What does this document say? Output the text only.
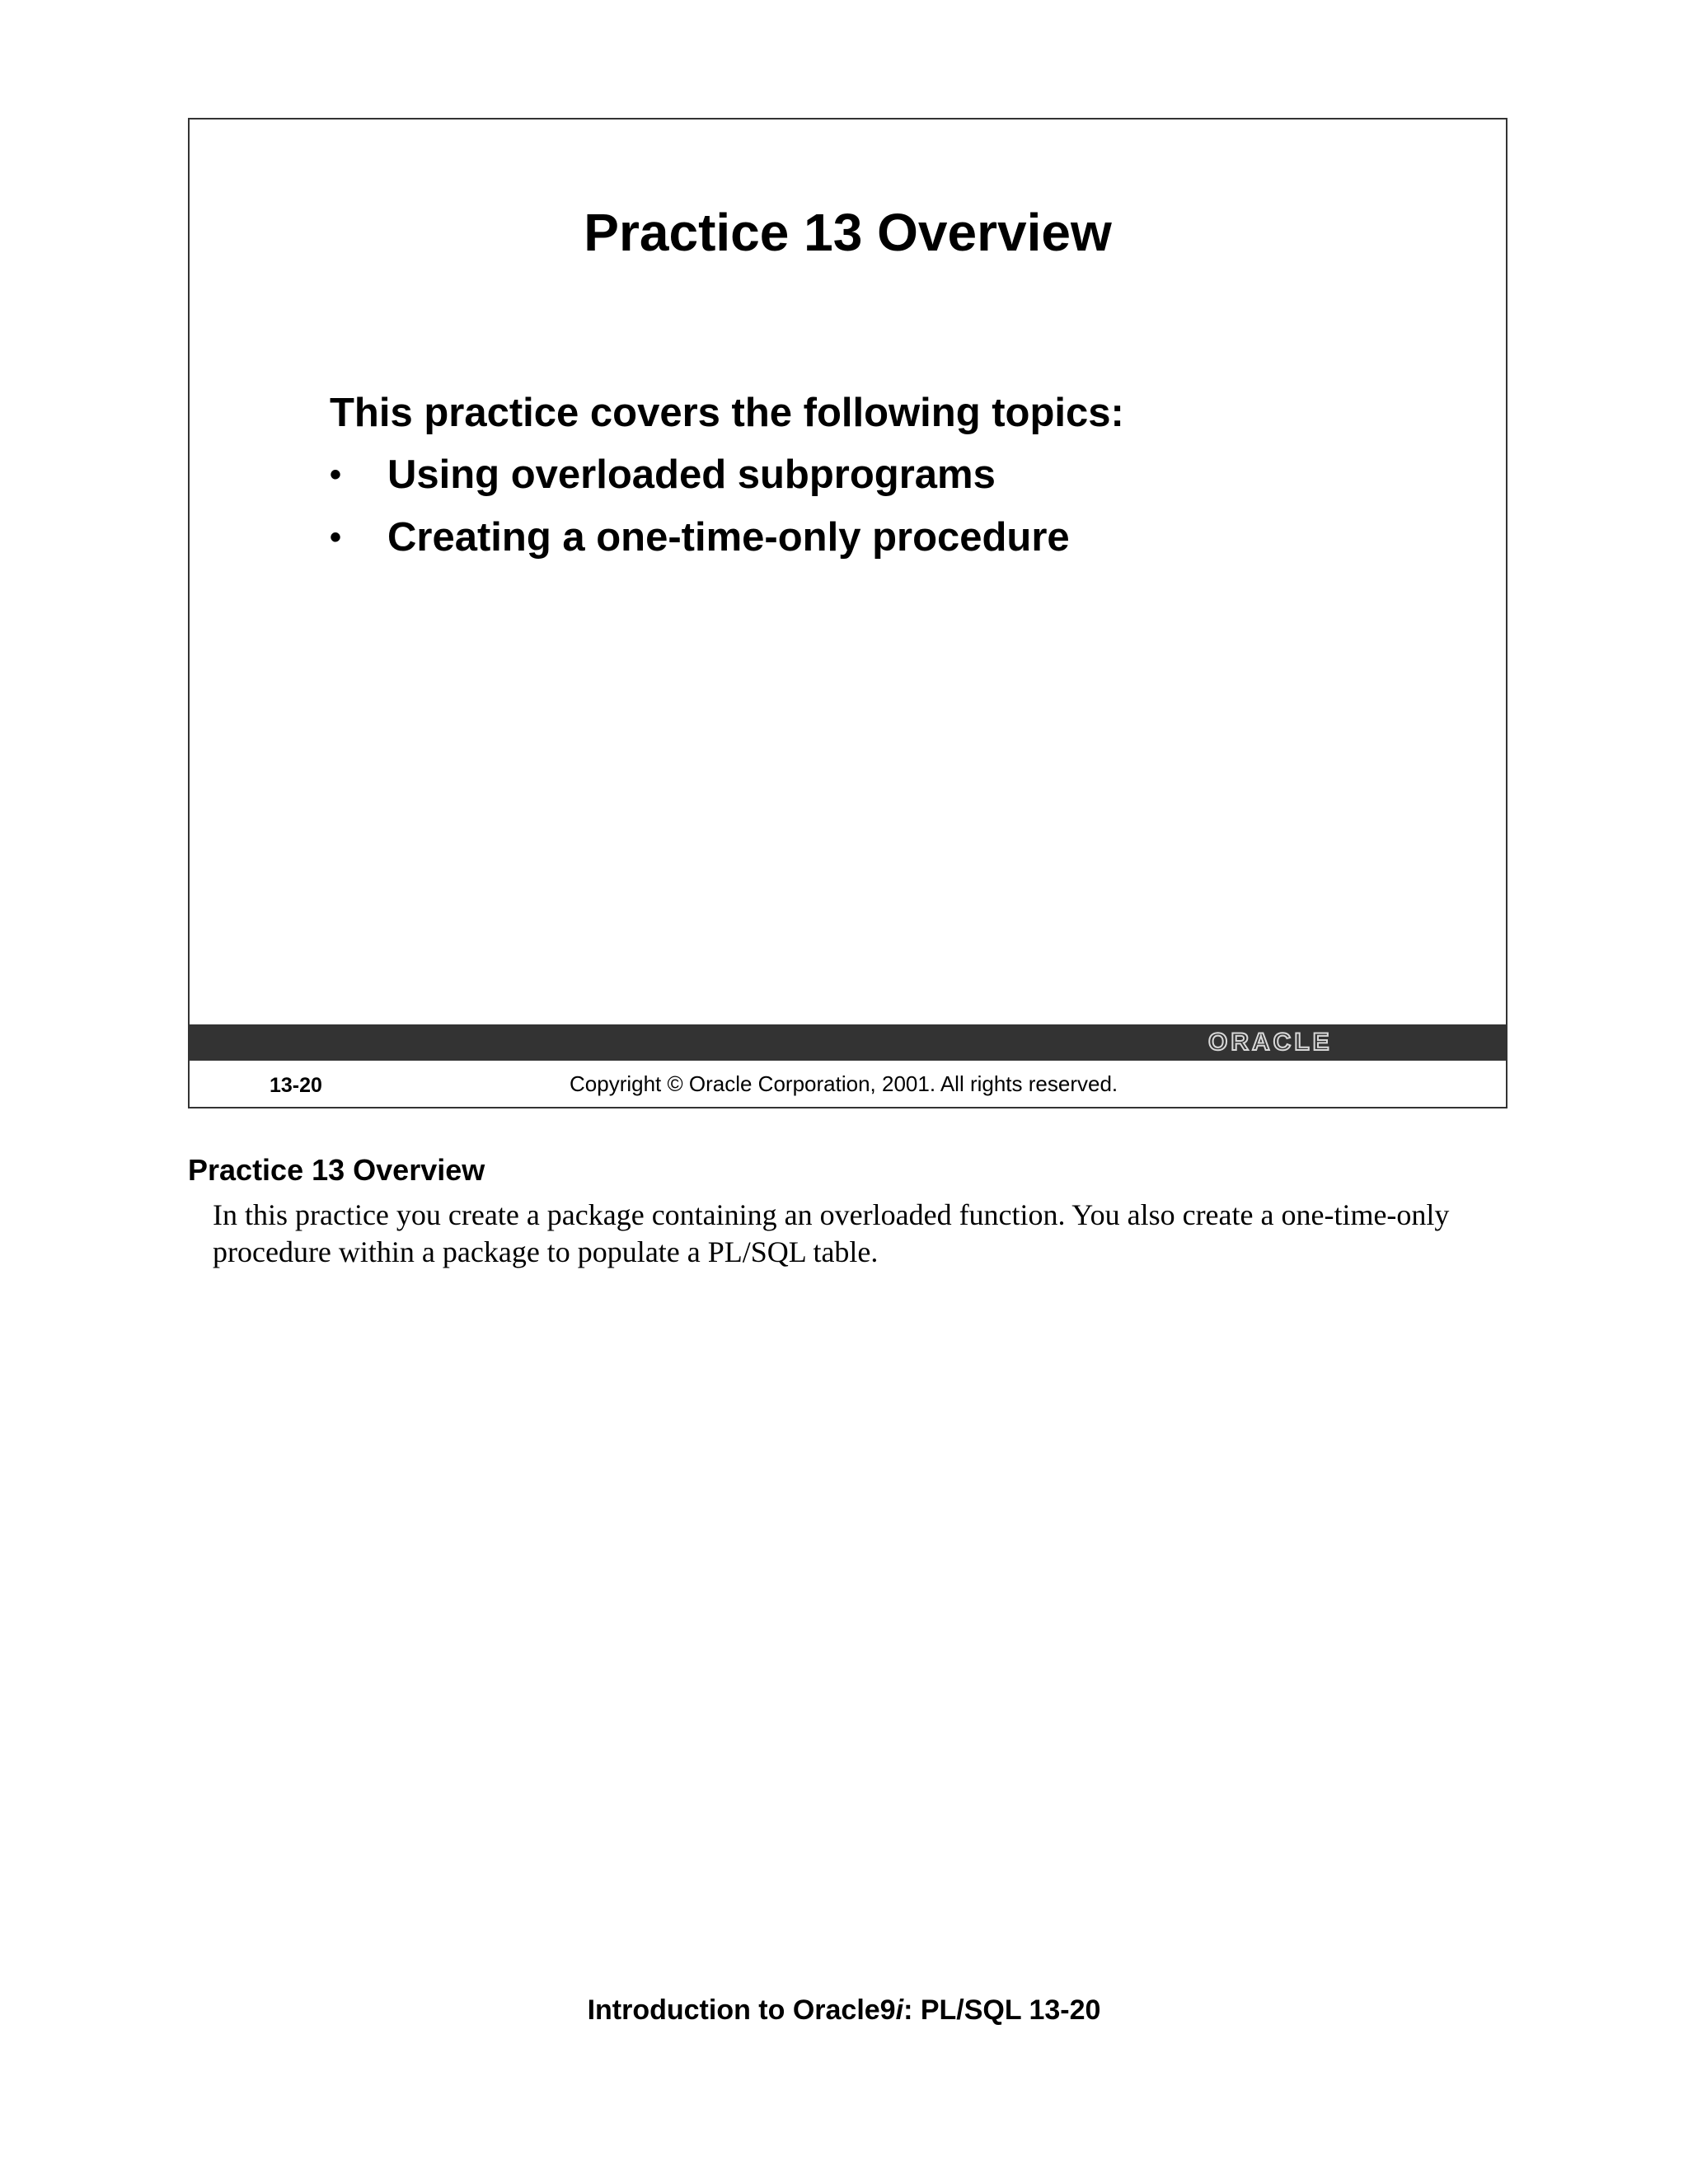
Practice 13 Overview
This practice covers the following topics:
• Using overloaded subprograms
• Creating a one-time-only procedure
ORACLE
13-20	Copyright © Oracle Corporation, 2001. All rights reserved.
Practice 13 Overview

In this practice you create a package containing an overloaded function. You also create a one-time-only procedure within a package to populate a PL/SQL table.

Introduction to Oracle9i: PL/SQL 13-20
